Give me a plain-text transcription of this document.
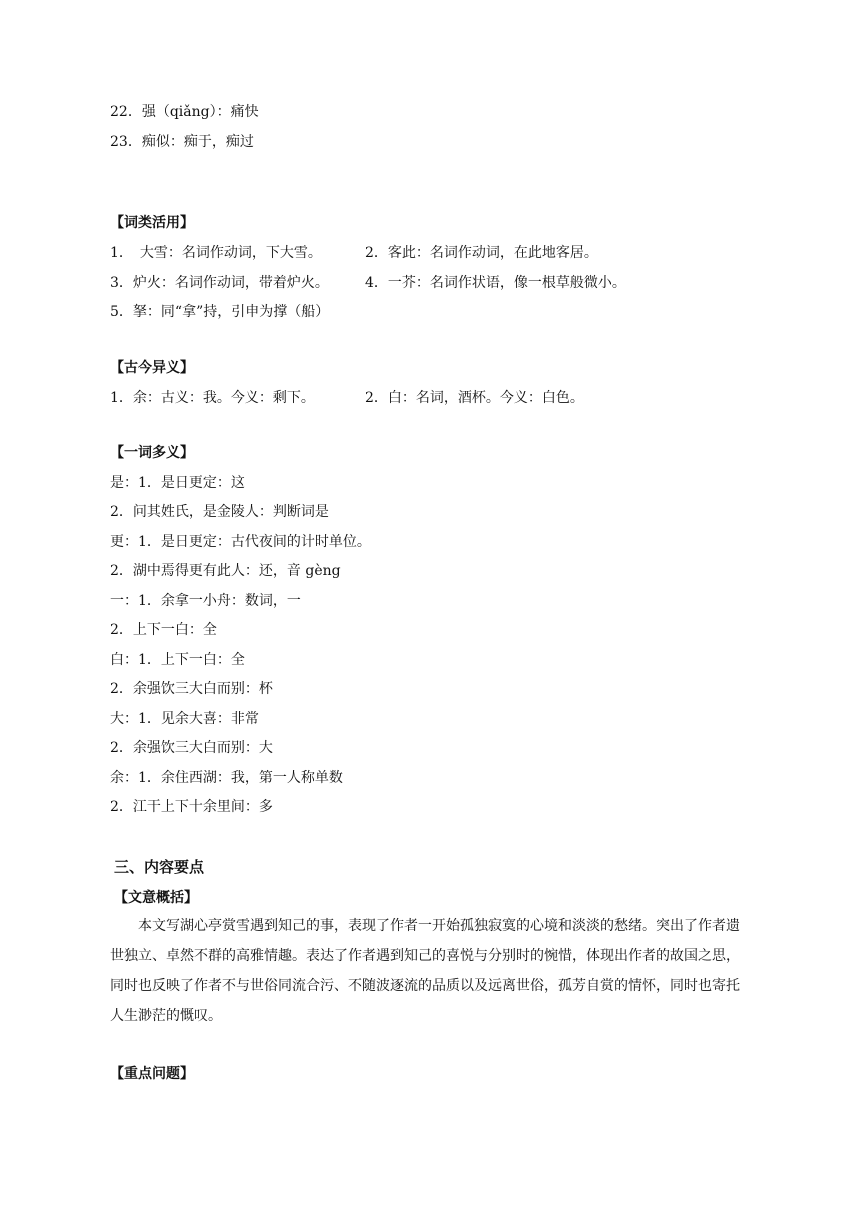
22．强（qiǎng）：痛快
23．痴似：痴于，痴过
【词类活用】
1．　大雪：名词作动词，下大雪。	2．客此：名词作动词，在此地客居。
3．炉火：名词作动词，带着炉火。	4．一芥：名词作状语，像一根草般微小。
5．拏：同“拿”持，引申为撑（船）
【古今异义】
1．余：古义：我。今义：剩下。	2．白：名词，酒杯。今义：白色。
【一词多义】
是：1．是日更定：这
2．问其姓氏，是金陵人：判断词是
更：1．是日更定：古代夜间的计时单位。
2．湖中焉得更有此人：还，音 gèng
一：1．余拿一小舟：数词，一
2．上下一白：全
白：1．上下一白：全
2．余强饮三大白而别：杯
大：1．见余大喜：非常
2．余强饮三大白而别：大
余：1．余住西湖：我，第一人称单数
2．江干上下十余里间：多
三、内容要点
【文意概括】
本文写湖心亭赏雪遇到知己的事，表现了作者一开始孤独寂寞的心境和淡淡的愁绪。突出了作者遗世独立、卓然不群的高雅情趣。表达了作者遇到知己的喜悦与分别时的惋惜，体现出作者的故国之思，同时也反映了作者不与世俗同流合污、不随波逐流的品质以及远离世俗，孤芳自赏的情怀，同时也寄托人生渺茫的慨叹。
【重点问题】
